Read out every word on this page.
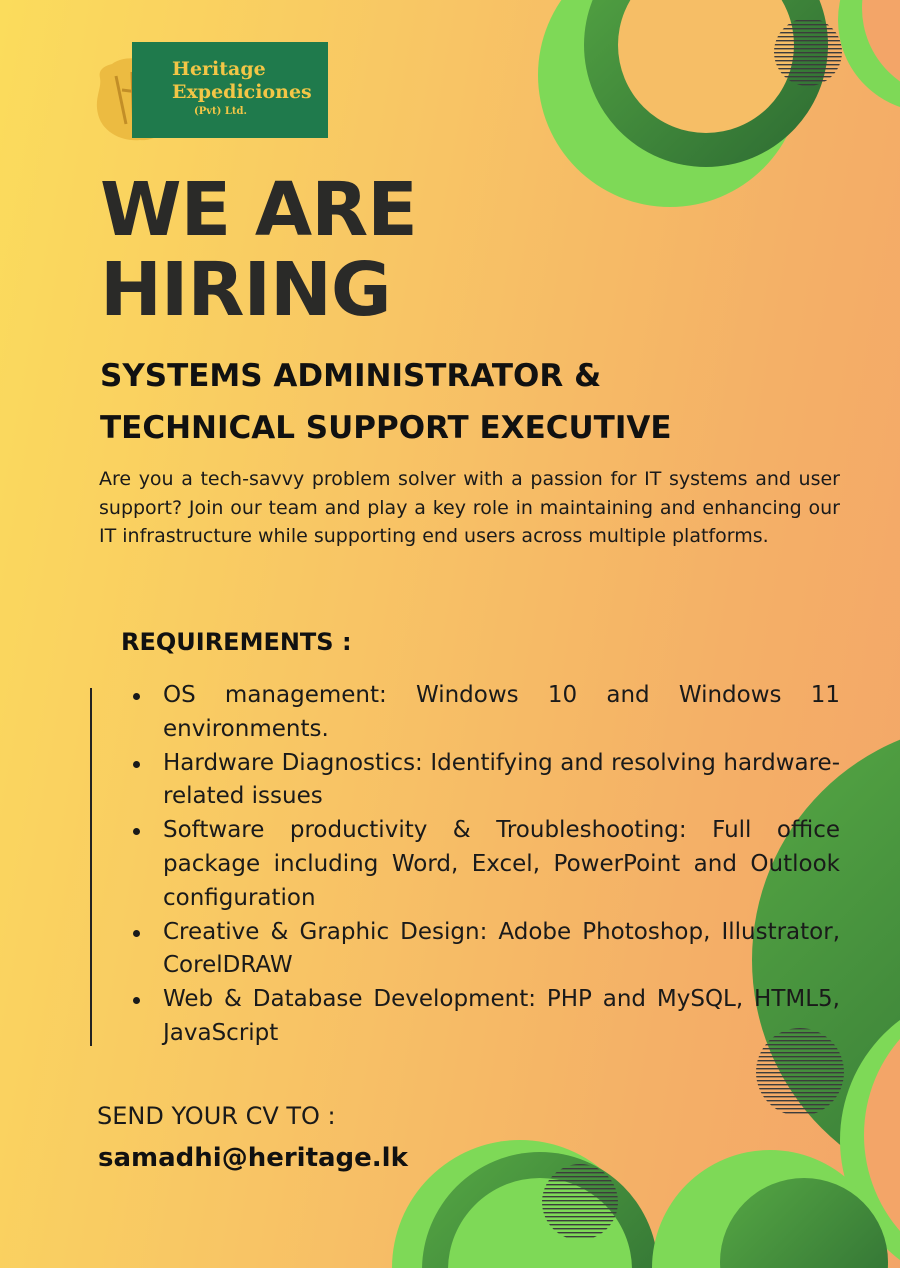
Heritage
Expediciones
(Pvt) Ltd.
WE ARE
HIRING
SYSTEMS ADMINISTRATOR &
TECHNICAL SUPPORT EXECUTIVE

Are you a tech-savvy problem solver with a passion for IT systems and user support? Join our team and play a key role in maintaining and enhancing our IT infrastructure while supporting end users across multiple platforms.

REQUIREMENTS :
OS management: Windows 10 and Windows 11 environments.
Hardware Diagnostics: Identifying and resolving hardware-related issues
Software productivity & Troubleshooting: Full office package including Word, Excel, PowerPoint and Outlook configuration
Creative & Graphic Design: Adobe Photoshop, Illustrator, CorelDRAW
Web & Database Development: PHP and MySQL, HTML5, JavaScript

SEND YOUR CV TO :

samadhi@heritage.lk
